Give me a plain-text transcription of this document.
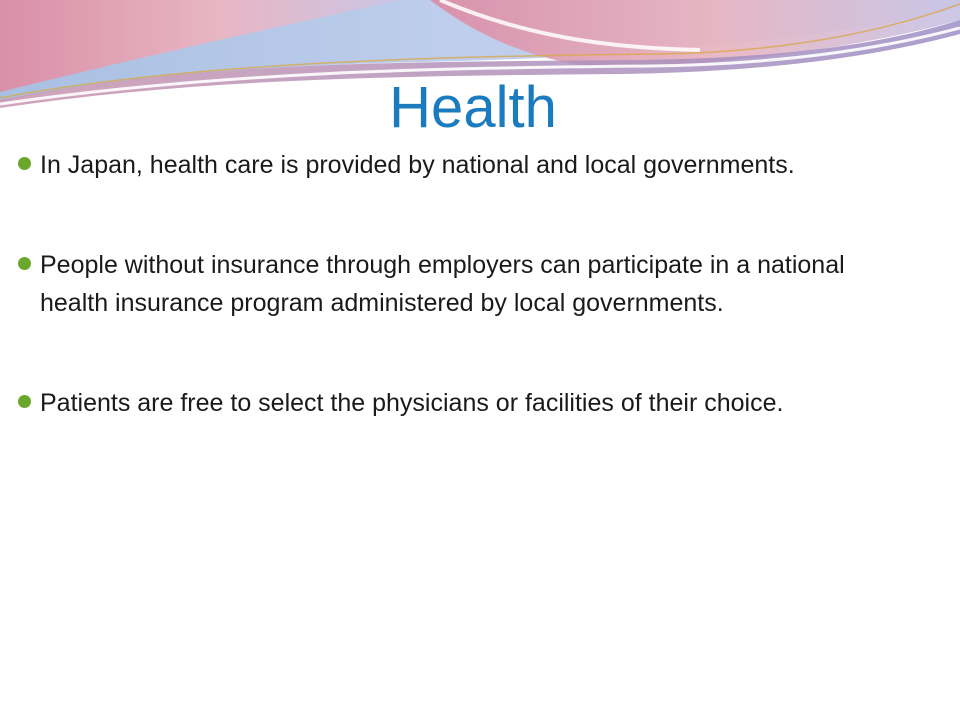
Health
In Japan, health care is provided by national and local governments.
People without insurance through employers can participate in a national health insurance program administered by local governments.
Patients are free to select the physicians or facilities of their choice.
